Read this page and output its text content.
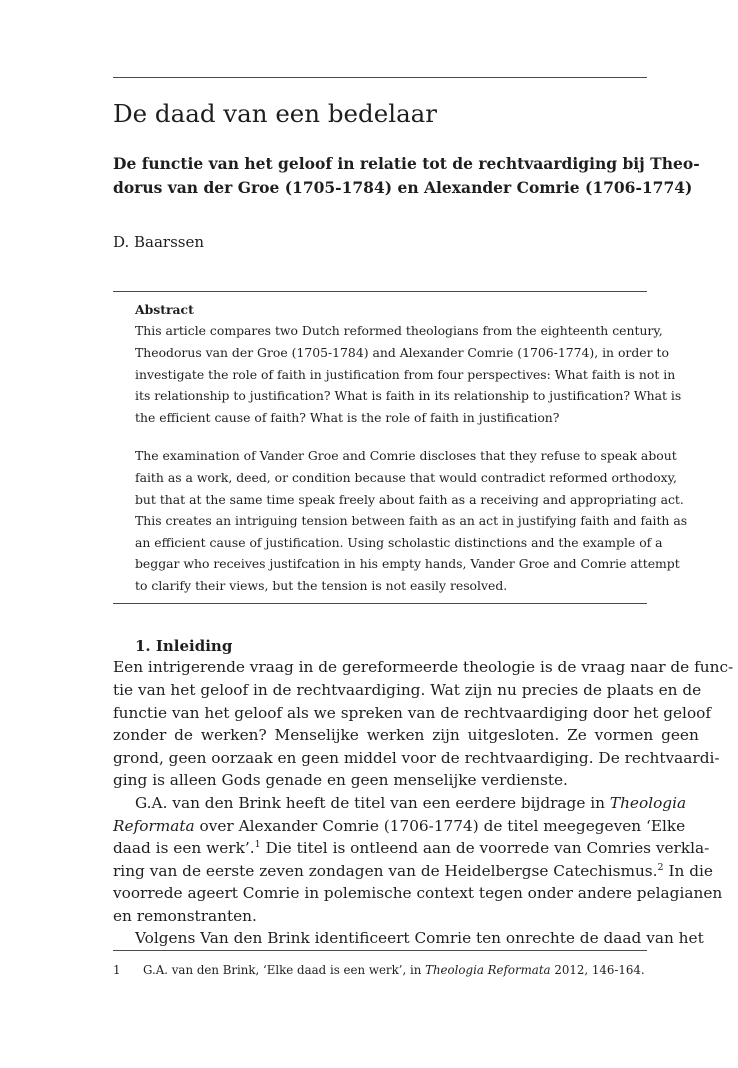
De daad van een bedelaar
De functie van het geloof in relatie tot de rechtvaardiging bij Theo-
dorus van der Groe (1705-1784) en Alexander Comrie (1706-1774)
D. Baarssen
Abstract
This article compares two Dutch reformed theologians from the eighteenth century,
Theodorus van der Groe (1705-1784) and Alexander Comrie (1706-1774), in order to
investigate the role of faith in justification from four perspectives: What faith is not in
its relationship to justification? What is faith in its relationship to justification? What is
the efficient cause of faith? What is the role of faith in justification?
The examination of Vander Groe and Comrie discloses that they refuse to speak about
faith as a work, deed, or condition because that would contradict reformed orthodoxy,
but that at the same time speak freely about faith as a receiving and appropriating act.
This creates an intriguing tension between faith as an act in justifying faith and faith as
an efficient cause of justification. Using scholastic distinctions and the example of a
beggar who receives justifcation in his empty hands, Vander Groe and Comrie attempt
to clarify their views, but the tension is not easily resolved.
1. Inleiding
Een intrigerende vraag in de gereformeerde theologie is de vraag naar de func-
tie van het geloof in de rechtvaardiging. Wat zijn nu precies de plaats en de
functie van het geloof als we spreken van de rechtvaardiging door het geloof
zonder de werken? Menselijke werken zijn uitgesloten. Ze vormen geen
grond, geen oorzaak en geen middel voor de rechtvaardiging. De rechtvaardi-
ging is alleen Gods genade en geen menselijke verdienste.
G.A. van den Brink heeft de titel van een eerdere bijdrage in Theologia
Reformata over Alexander Comrie (1706-1774) de titel meegegeven ‘Elke
daad is een werk’.$^1$ Die titel is ontleend aan de voorrede van Comries verkla-
ring van de eerste zeven zondagen van de Heidelbergse Catechismus.$^2$ In die
voorrede ageert Comrie in polemische context tegen onder andere pelagianen
en remonstranten.
Volgens Van den Brink identificeert Comrie ten onrechte de daad van het
1 G.A. van den Brink, ‘Elke daad is een werk’, in Theologia Reformata 2012, 146-164.
